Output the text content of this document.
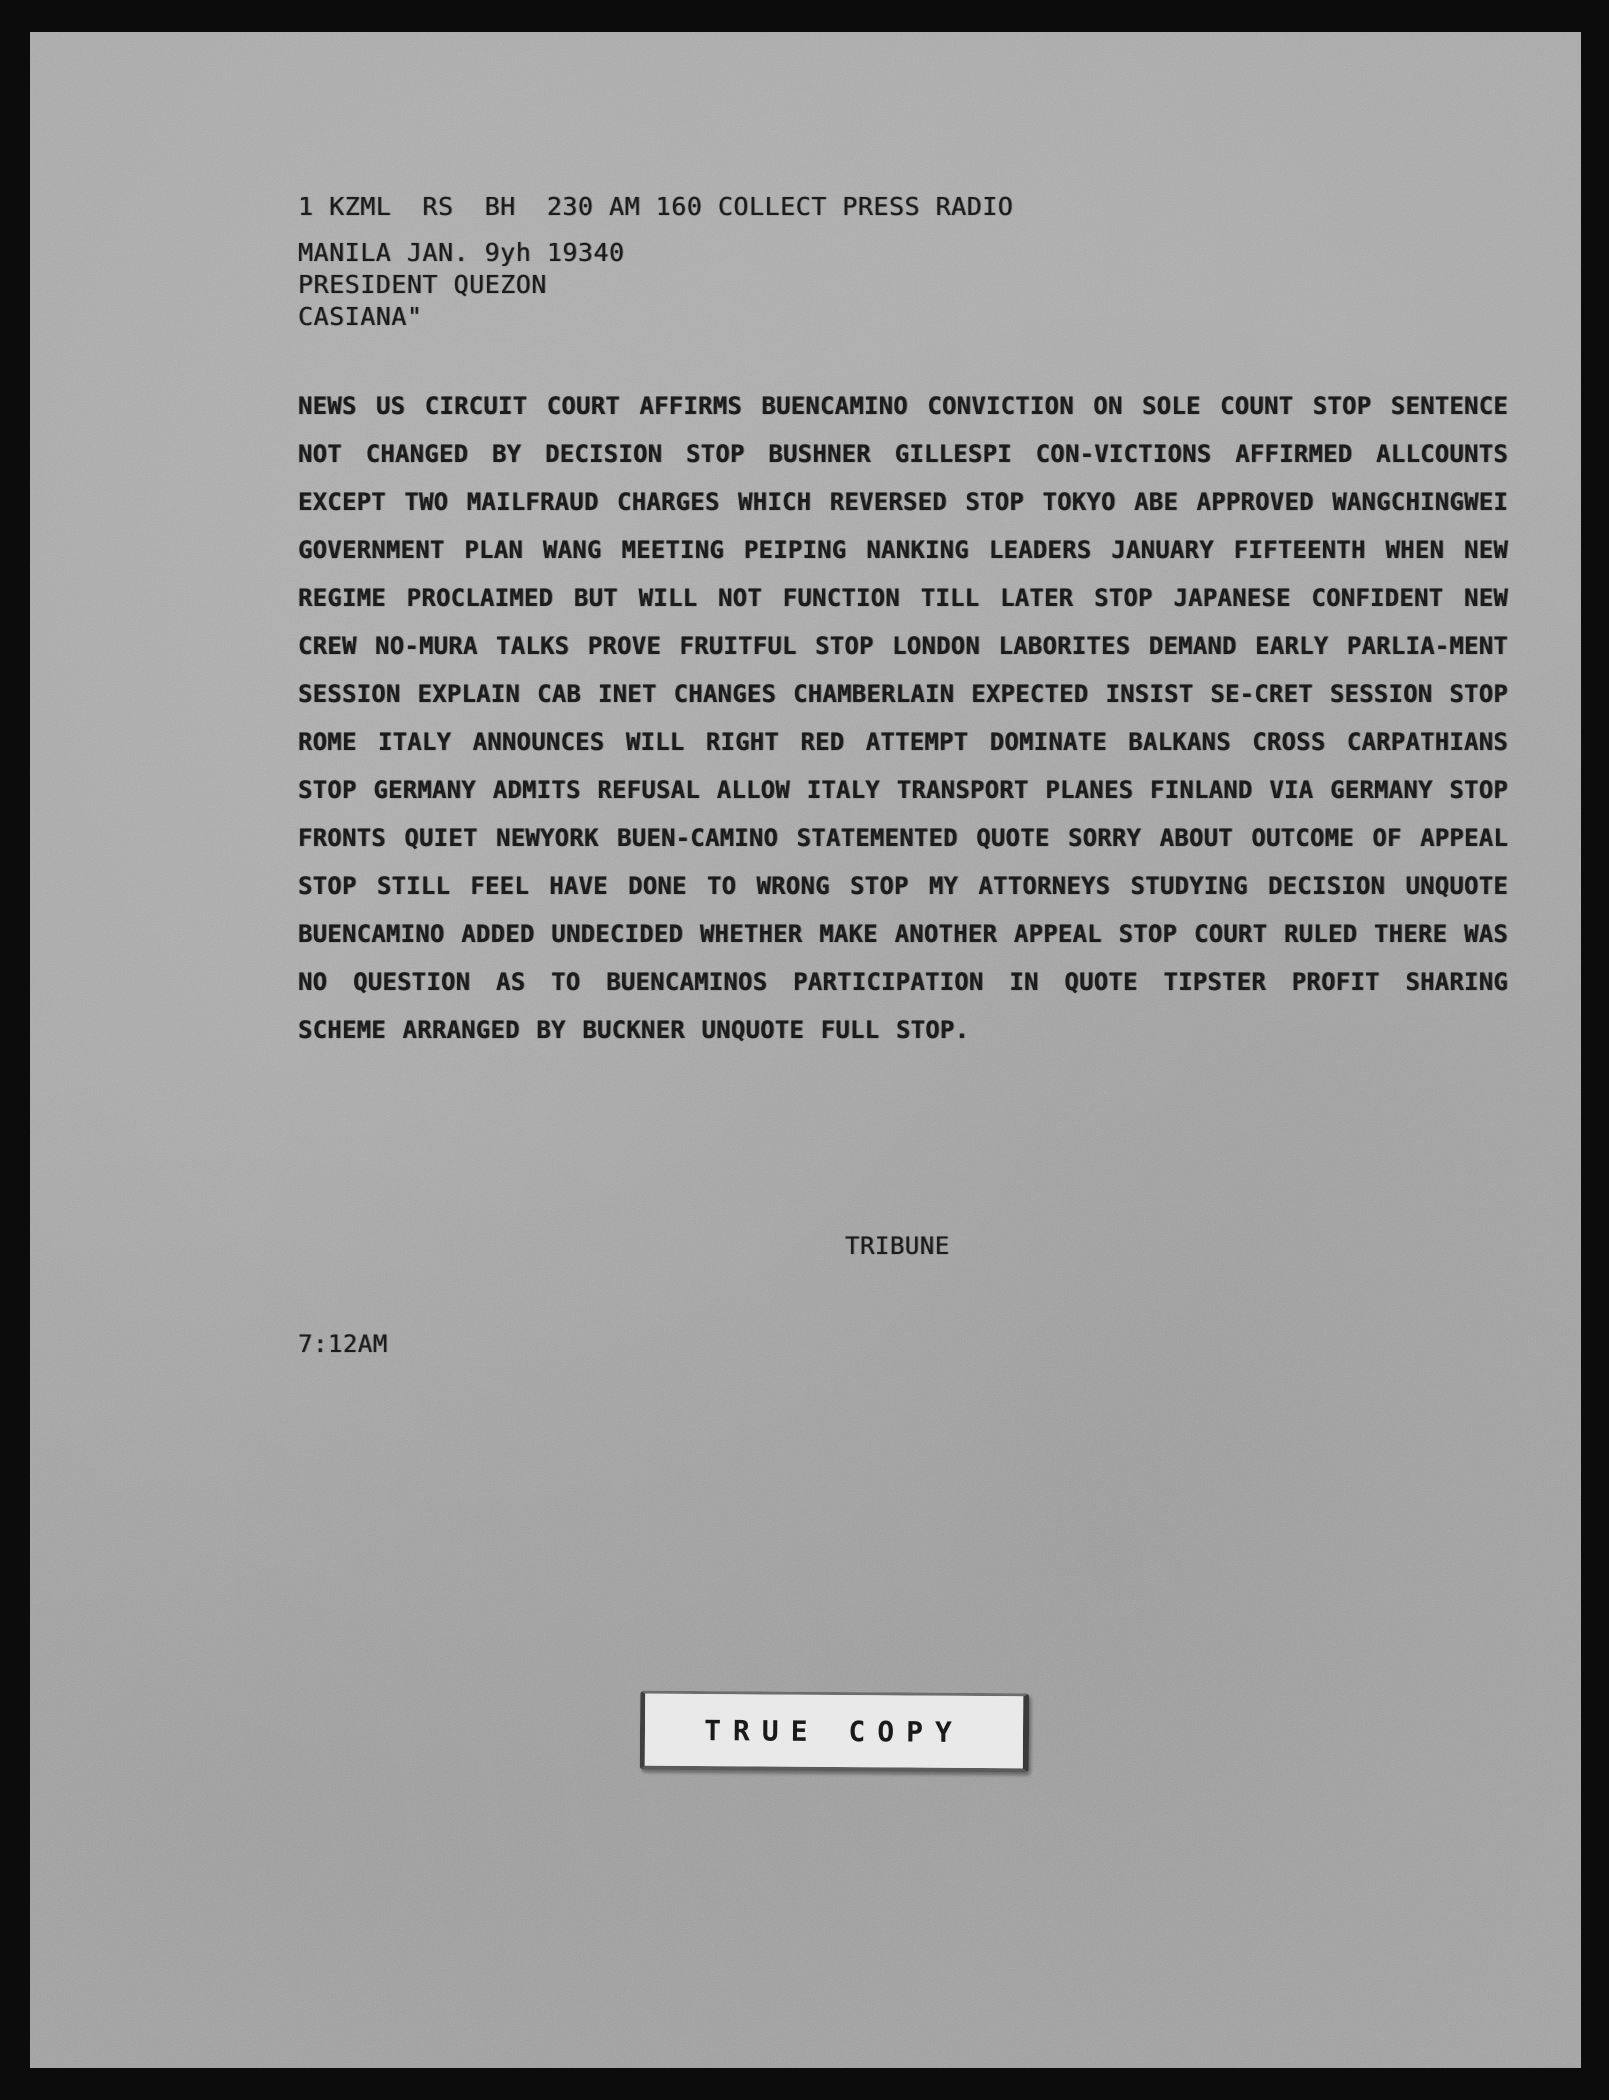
1 KZML  RS  BH  230 AM 160 COLLECT PRESS RADIO
MANILA JAN. 9yh 19340
PRESIDENT QUEZON
CASIANA"
NEWS US CIRCUIT COURT AFFIRMS BUENCAMINO CONVICTION ON SOLE COUNT STOP SENTENCE NOT CHANGED BY DECISION STOP BUSHNER GILLESPI CON-VICTIONS AFFIRMED ALLCOUNTS EXCEPT TWO MAILFRAUD CHARGES WHICH REVERSED STOP TOKYO ABE APPROVED WANGCHINGWEI GOVERNMENT PLAN WANG MEETING PEIPING NANKING LEADERS JANUARY FIFTEENTH WHEN NEW REGIME PROCLAIMED BUT WILL NOT FUNCTION TILL LATER STOP JAPANESE CONFIDENT NEW CREW NO-MURA TALKS PROVE FRUITFUL STOP LONDON LABORITES DEMAND EARLY PARLIA-MENT SESSION EXPLAIN CAB INET CHANGES CHAMBERLAIN EXPECTED INSIST SE-CRET SESSION STOP ROME ITALY ANNOUNCES WILL RIGHT RED ATTEMPT DOMINATE BALKANS CROSS CARPATHIANS STOP GERMANY ADMITS REFUSAL ALLOW ITALY TRANSPORT PLANES FINLAND VIA GERMANY STOP FRONTS QUIET NEWYORK BUEN-CAMINO STATEMENTED QUOTE SORRY ABOUT OUTCOME OF APPEAL STOP STILL FEEL HAVE DONE TO WRONG STOP MY ATTORNEYS STUDYING DECISION UNQUOTE BUENCAMINO ADDED UNDECIDED WHETHER MAKE ANOTHER APPEAL STOP COURT RULED THERE WAS NO QUESTION AS TO BUENCAMINOS PARTICIPATION IN QUOTE TIPSTER PROFIT SHARING SCHEME ARRANGED BY BUCKNER UNQUOTE FULL STOP.
TRIBUNE
7:12AM
TRUE COPY
